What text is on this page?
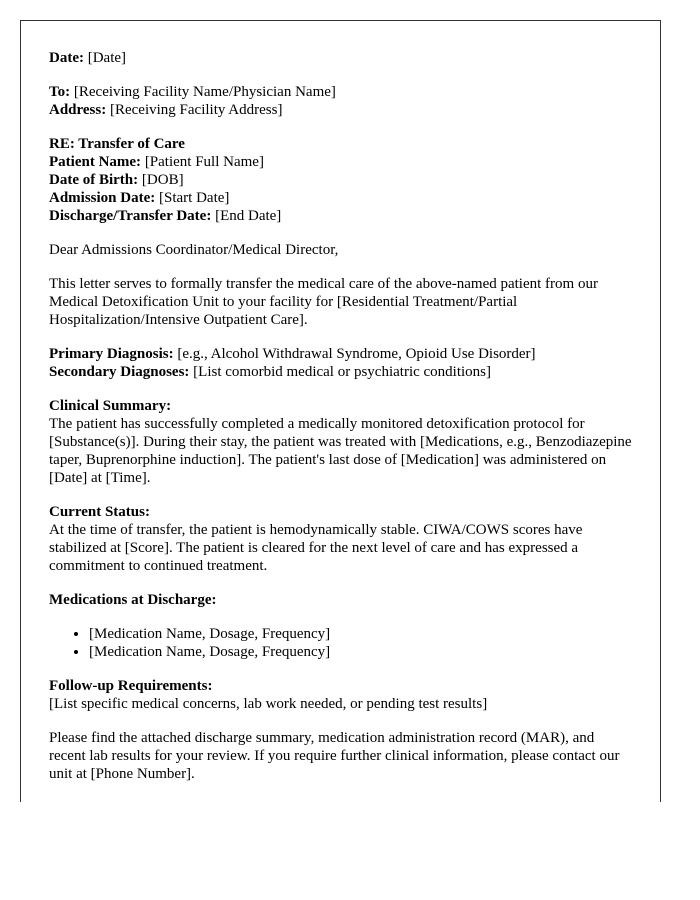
Date: [Date]
To: [Receiving Facility Name/Physician Name]
Address: [Receiving Facility Address]
RE: Transfer of Care
Patient Name: [Patient Full Name]
Date of Birth: [DOB]
Admission Date: [Start Date]
Discharge/Transfer Date: [End Date]

Dear Admissions Coordinator/Medical Director,

This letter serves to formally transfer the medical care of the above-named patient from our Medical Detoxification Unit to your facility for [Residential Treatment/Partial Hospitalization/Intensive Outpatient Care].

Primary Diagnosis: [e.g., Alcohol Withdrawal Syndrome, Opioid Use Disorder]
Secondary Diagnoses: [List comorbid medical or psychiatric conditions]
Clinical Summary:
The patient has successfully completed a medically monitored detoxification protocol for [Substance(s)]. During their stay, the patient was treated with [Medications, e.g., Benzodiazepine taper, Buprenorphine induction]. The patient's last dose of [Medication] was administered on [Date] at [Time].
Current Status:
At the time of transfer, the patient is hemodynamically stable. CIWA/COWS scores have stabilized at [Score]. The patient is cleared for the next level of care and has expressed a commitment to continued treatment.
Medications at Discharge:
• [Medication Name, Dosage, Frequency]
• [Medication Name, Dosage, Frequency]
Follow-up Requirements:
[List specific medical concerns, lab work needed, or pending test results]

Please find the attached discharge summary, medication administration record (MAR), and recent lab results for your review. If you require further clinical information, please contact our unit at [Phone Number].
